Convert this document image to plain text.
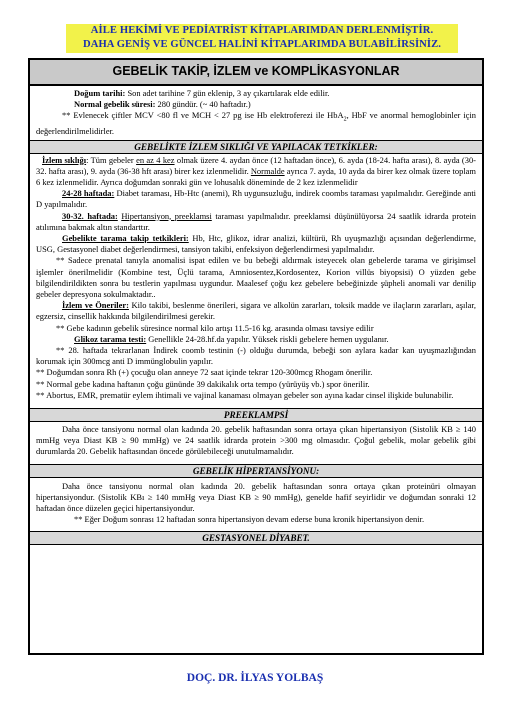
AİLE HEKİMİ VE PEDİATRİST KİTAPLARIMDAN DERLENMİŞTİR.
DAHA GENİŞ VE GÜNCEL HALİNİ KİTAPLARIMDA BULABİLİRSİNİZ.
GEBELİK TAKİP, İZLEM ve KOMPLİKASYONLAR

Doğum tarihi: Son adet tarihine 7 gün eklenip, 3 ay çıkartılarak elde edilir.

Normal gebelik süresi: 280 gündür. (~ 40 haftadır.)

** Evlenecek çiftler MCV <80 fl ve MCH < 27 pg ise Hb elektroferezi ile HbA$_2$, HbF ve anormal hemoglobinler için değerlendirilmelidirler.

GEBELİKTE İZLEM SIKLIĞI VE YAPILACAK TETKİKLER:

İzlem sıklığı: Tüm gebeler en az 4 kez olmak üzere 4. aydan önce (12 haftadan önce), 6. ayda (18-24. hafta arası), 8. ayda (30-32. hafta arası), 9. ayda (36-38 hft arası) birer kez izlenmelidir. Normalde ayrıca 7. ayda, 10 ayda da birer kez olmak üzere toplam 6 kez izlenmelidir. Ayrıca doğumdan sonraki gün ve lohusalık döneminde de 2 kez izlenmelidir

24-28 haftada: Diabet taraması, Hb-Htc (anemi), Rh uygunsuzluğu, indirek coombs taraması yapılmalıdır. Gereğinde anti D yapılmalıdır.

30-32. haftada: Hipertansiyon, preeklamsi taraması yapılmalıdır. preeklamsi düşünülüyorsa 24 saatlik idrarda protein atılımına bakmak altın standarttır.

Gebelikte tarama takip tetkikleri: Hb, Htc, glikoz, idrar analizi, kültürü, Rh uyuşmazlığı açısından değerlendirme, USG, Gestasyonel diabet değerlendirmesi, tansiyon takibi, enfeksiyon değerlendirmesi yapılmalıdır.

** Sadece prenatal tanıyla anomalisi ispat edilen ve bu bebeği aldırmak isteyecek olan gebelerde tarama ve girişimsel işlemler önerilmelidir (Kombine test, Üçlü tarama, Amniosentez,Kordosentez, Korion villüs biyopsisi) O yüzden gebe bilgilendirildikten sonra bu testlerin yapılması uygundur. Maalesef çoğu kez gebelere bebeğinizde şüpheli anomali var denilip gebeler depresyona sokulmaktadır..

İzlem ve Öneriler: Kilo takibi, beslenme önerileri, sigara ve alkolün zararları, toksik madde ve ilaçların zararları, aşılar, egzersiz, cinsellik hakkında bilgilendirilmesi gerekir.

** Gebe kadının gebelik süresince normal kilo artışı 11.5-16 kg. arasında olması tavsiye edilir

Glikoz tarama testi: Genellikle 24-28.hf.da yapılır. Yüksek riskli gebelere hemen uygulanır.

** 28. haftada tekrarlanan İndirek coomb testinin (-) olduğu durumda, bebeği son aylara kadar kan uyuşmazlığından korumak için 300mcg anti D immünglobulin yapılır.

** Doğumdan sonra Rh (+) çocuğu olan anneye 72 saat içinde tekrar 120-300mcg Rhogam önerilir.

** Normal gebe kadına haftanın çoğu gününde 39 dakikalık orta tempo (yürüyüş vb.) spor önerilir.

** Abortus, EMR, prematür eylem ihtimali ve vajinal kanaması olmayan gebeler son ayına kadar cinsel ilişkide bulunabilir.

PREEKLAMPSİ

Daha önce tansiyonu normal olan kadında 20. gebelik haftasından sonra ortaya çıkan hipertansiyon (Sistolik KB ≥ 140 mmHg veya Diast KB ≥ 90 mmHg) ve 24 saatlik idrarda protein >300 mg olmasıdır. Çoğul gebelik, molar gebelik gibi durumlarda 20. Gebelik haftasından öncede görülebileceği unutulmamalıdır.

GEBELİK HİPERTANSİYONU:

Daha önce tansiyonu normal olan kadında 20. gebelik haftasından sonra ortaya çıkan proteinüri olmayan hipertansiyondur. (Sistolik KBı ≥ 140 mmHg veya Diast KB ≥ 90 mmHg), genelde hafif seyirlidir ve doğumdan sonraki 12 haftadan önce düzelen geçici hipertansiyondur.

** Eğer Doğum sonrası 12 haftadan sonra hipertansiyon devam ederse buna kronik hipertansiyon denir.

GESTASYONEL DİYABET.
DOÇ. DR. İLYAS YOLBAŞ
